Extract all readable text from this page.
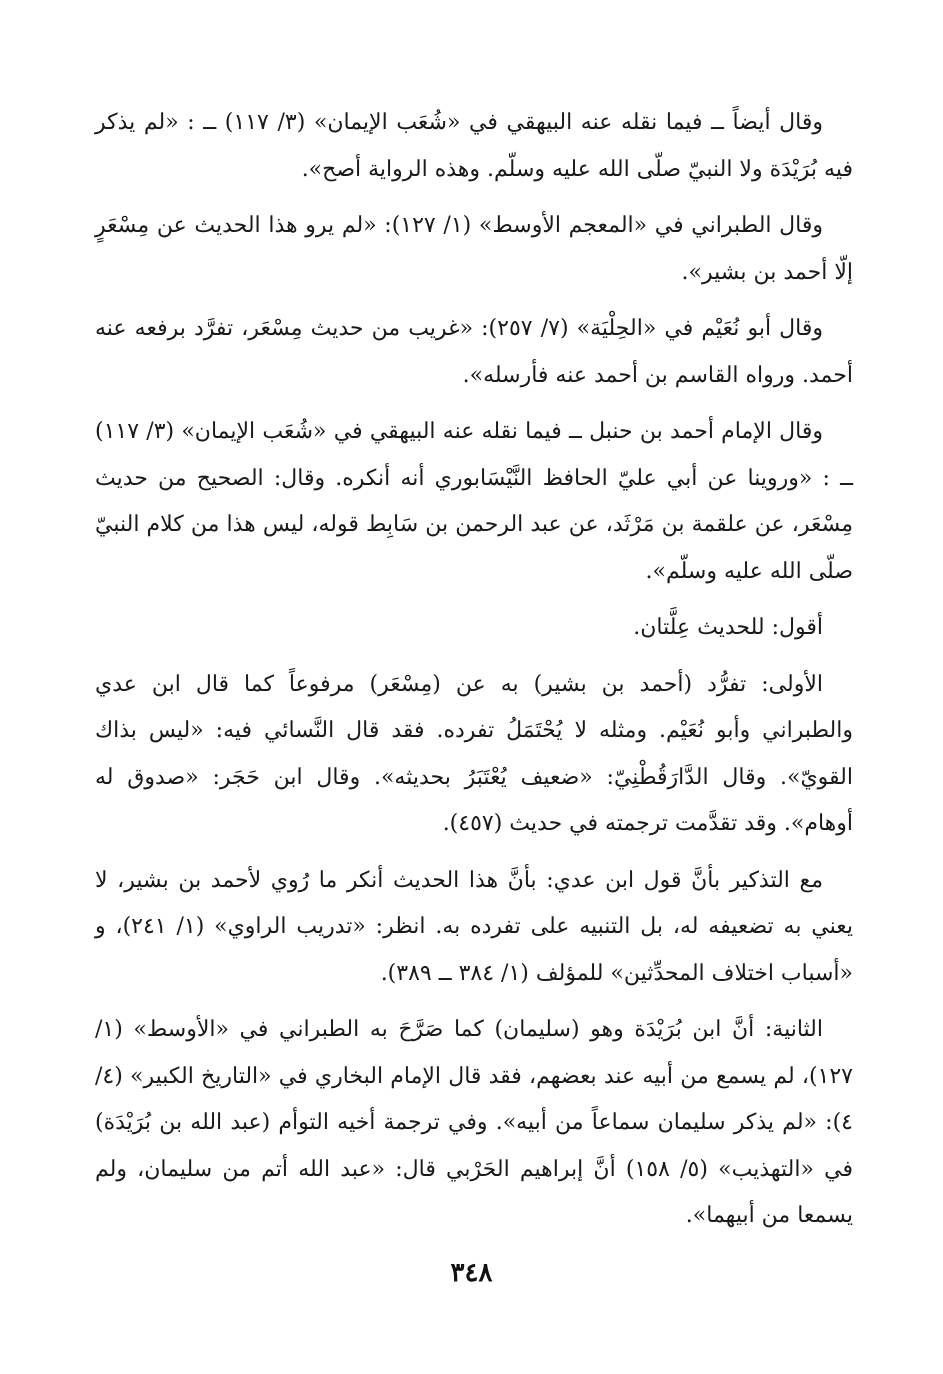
وقال أيضاً ــ فيما نقله عنه البيهقي في «شُعَب الإيمان» (٣/ ١١٧) ــ : «لم يذكر فيه بُرَيْدَة ولا النبيّ صلّى الله عليه وسلّم. وهذه الرواية أصح».

وقال الطبراني في «المعجم الأوسط» (١/ ١٢٧): «لم يرو هذا الحديث عن مِسْعَرٍ إلّا أحمد بن بشير».

وقال أبو نُعَيْم في «الحِلْيَة» (٧/ ٢٥٧): «غريب من حديث مِسْعَر، تفرَّد برفعه عنه أحمد. ورواه القاسم بن أحمد عنه فأرسله».

وقال الإمام أحمد بن حنبل ــ فيما نقله عنه البيهقي في «شُعَب الإيمان» (٣/ ١١٧) ــ : «وروينا عن أبي عليّ الحافظ النَّيْسَابوري أنه أنكره. وقال: الصحيح من حديث مِسْعَر، عن علقمة بن مَرْثَد، عن عبد الرحمن بن سَابِط قوله، ليس هذا من كلام النبيّ صلّى الله عليه وسلّم».

أقول: للحديث عِلَّتان.

الأولى: تفرُّد (أحمد بن بشير) به عن (مِسْعَر) مرفوعاً كما قال ابن عدي والطبراني وأبو نُعَيْم. ومثله لا يُحْتَمَلُ تفرده. فقد قال النَّسائي فيه: «ليس بذاك القويّ». وقال الدَّارَقُطْنِيّ: «ضعيف يُعْتَبَرُ بحديثه». وقال ابن حَجَر: «صدوق له أوهام». وقد تقدَّمت ترجمته في حديث (٤٥٧).

مع التذكير بأنَّ قول ابن عدي: بأنَّ هذا الحديث أنكر ما رُوي لأحمد بن بشير، لا يعني به تضعيفه له، بل التنبيه على تفرده به. انظر: «تدريب الراوي» (١/ ٢٤١)، و «أسباب اختلاف المحدِّثين» للمؤلف (١/ ٣٨٤ ــ ٣٨٩).

الثانية: أنَّ ابن بُرَيْدَة وهو (سليمان) كما صَرَّحَ به الطبراني في «الأوسط» (١/ ١٢٧)، لم يسمع من أبيه عند بعضهم، فقد قال الإمام البخاري في «التاريخ الكبير» (٤/ ٤): «لم يذكر سليمان سماعاً من أبيه». وفي ترجمة أخيه التوأم (عبد الله بن بُرَيْدَة) في «التهذيب» (٥/ ١٥٨) أنَّ إبراهيم الحَرْبي قال: «عبد الله أتم من سليمان، ولم يسمعا من أبيهما».

٣٤٨
